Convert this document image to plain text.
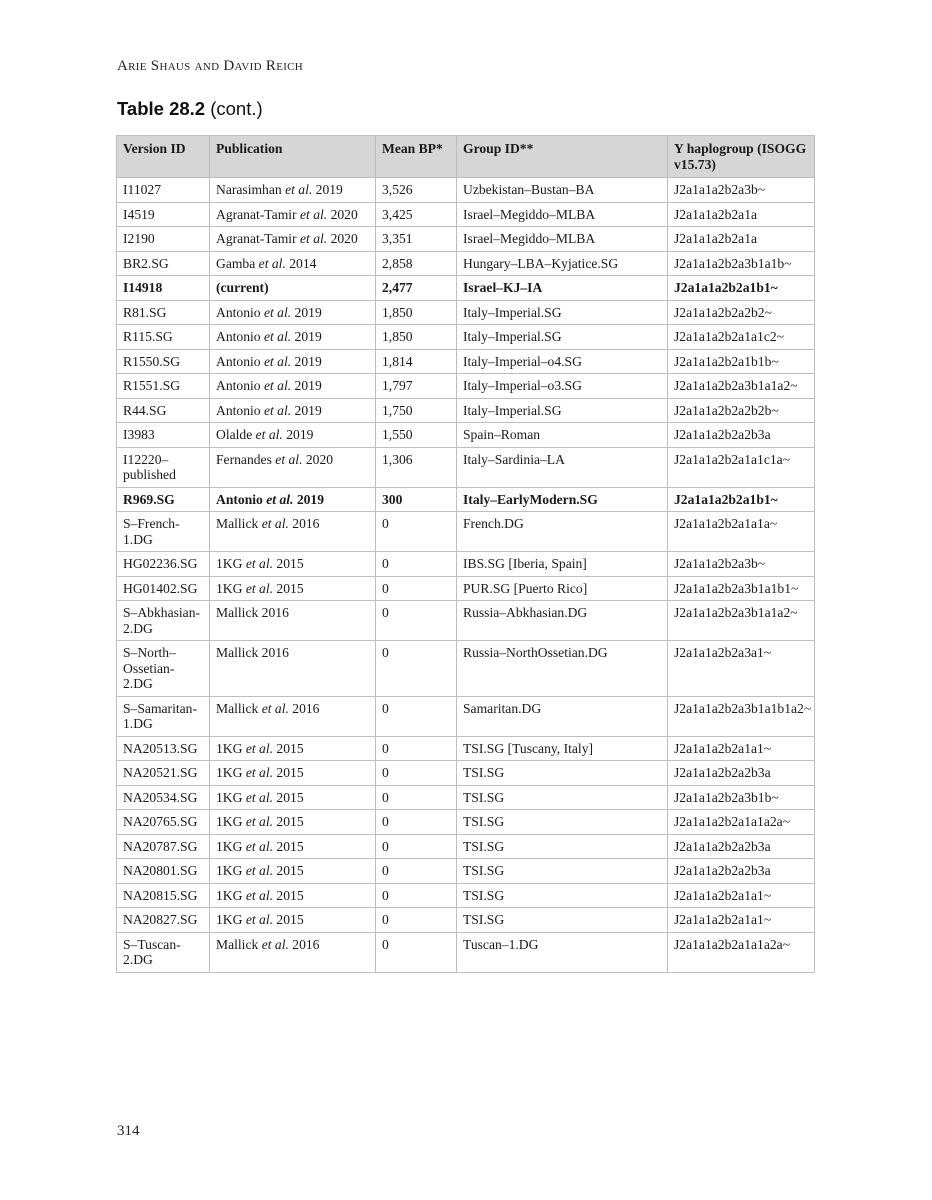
Arie Shaus and David Reich
Table 28.2 (cont.)
Version ID	Publication	Mean BP*	Group ID**	Y haplogroup (ISOGG v15.73)
I11027	Narasimhan et al. 2019	3,526	Uzbekistan–Bustan–BA	J2a1a1a2b2a3b~
I4519	Agranat-Tamir et al. 2020	3,425	Israel–Megiddo–MLBA	J2a1a1a2b2a1a
I2190	Agranat-Tamir et al. 2020	3,351	Israel–Megiddo–MLBA	J2a1a1a2b2a1a
BR2.SG	Gamba et al. 2014	2,858	Hungary–LBA–Kyjatice.SG	J2a1a1a2b2a3b1a1b~
I14918	(current)	2,477	Israel–KJ–IA	J2a1a1a2b2a1b1~
R81.SG	Antonio et al. 2019	1,850	Italy–Imperial.SG	J2a1a1a2b2a2b2~
R115.SG	Antonio et al. 2019	1,850	Italy–Imperial.SG	J2a1a1a2b2a1a1c2~
R1550.SG	Antonio et al. 2019	1,814	Italy–Imperial–o4.SG	J2a1a1a2b2a1b1b~
R1551.SG	Antonio et al. 2019	1,797	Italy–Imperial–o3.SG	J2a1a1a2b2a3b1a1a2~
R44.SG	Antonio et al. 2019	1,750	Italy–Imperial.SG	J2a1a1a2b2a2b2b~
I3983	Olalde et al. 2019	1,550	Spain–Roman	J2a1a1a2b2a2b3a
I12220–published	Fernandes et al. 2020	1,306	Italy–Sardinia–LA	J2a1a1a2b2a1a1c1a~
R969.SG	Antonio et al. 2019	300	Italy–EarlyModern.SG	J2a1a1a2b2a1b1~
S–French-1.DG	Mallick et al. 2016	0	French.DG	J2a1a1a2b2a1a1a~
HG02236.SG	1KG et al. 2015	0	IBS.SG [Iberia, Spain]	J2a1a1a2b2a3b~
HG01402.SG	1KG et al. 2015	0	PUR.SG [Puerto Rico]	J2a1a1a2b2a3b1a1b1~
S–Abkhasian-2.DG	Mallick 2016	0	Russia–Abkhasian.DG	J2a1a1a2b2a3b1a1a2~
S–North–Ossetian-2.DG	Mallick 2016	0	Russia–NorthOssetian.DG	J2a1a1a2b2a3a1~
S–Samaritan-1.DG	Mallick et al. 2016	0	Samaritan.DG	J2a1a1a2b2a3b1a1b1a2~
NA20513.SG	1KG et al. 2015	0	TSI.SG [Tuscany, Italy]	J2a1a1a2b2a1a1~
NA20521.SG	1KG et al. 2015	0	TSI.SG	J2a1a1a2b2a2b3a
NA20534.SG	1KG et al. 2015	0	TSI.SG	J2a1a1a2b2a3b1b~
NA20765.SG	1KG et al. 2015	0	TSI.SG	J2a1a1a2b2a1a1a2a~
NA20787.SG	1KG et al. 2015	0	TSI.SG	J2a1a1a2b2a2b3a
NA20801.SG	1KG et al. 2015	0	TSI.SG	J2a1a1a2b2a2b3a
NA20815.SG	1KG et al. 2015	0	TSI.SG	J2a1a1a2b2a1a1~
NA20827.SG	1KG et al. 2015	0	TSI.SG	J2a1a1a2b2a1a1~
S–Tuscan-2.DG	Mallick et al. 2016	0	Tuscan–1.DG	J2a1a1a2b2a1a1a2a~
314
